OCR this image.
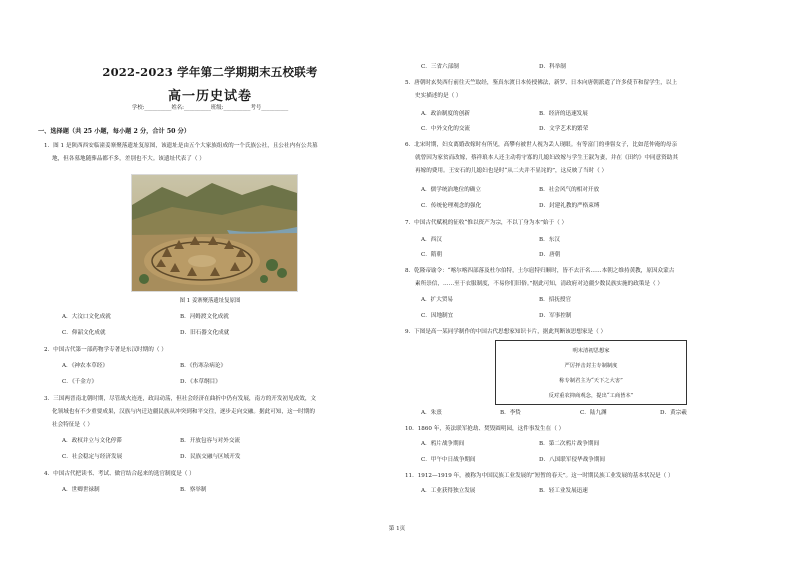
2022-2023 学年第二学期期末五校联考
高一历史试卷
学校:__________姓名:__________班级:__________考号__________
一、选择题（共 25 小题，每小题 2 分，合计 50 分）
1．图 1 是陕西西安临潼姜寨聚落遗址复原图，该遗址是由五个大家族组成的一个氏族公社，且公社内有公共墓
地，但各墓地随葬品都不多，差别也不大。该遗址代表了（ ）
图 1 姜寨聚落遗址复原图
A．大汶口文化成就	B．河姆渡文化成就
C．仰韶文化成就	D．旧石器文化成就
2．中国古代第一部药物学专著是东汉时期的（ ）
A．《神农本草经》	B．《伤寒杂病论》
C．《千金方》	D．《本草纲目》
3．三国两晋南北朝时期，尽管战火连连，政局动荡，但社会经济在曲折中仍有发展，南方的开发初见成效，文
化领域也有不少重要成果，汉族与内迁边疆民族从冲突到和平交往，逐步走向交融。据此可知，这一时期的
社会特征是（ ）
A．政权并立与文化停滞	B．开放包容与对外交流
C．社会稳定与经济发展	D．民族交融与区域开发
4．中国古代把读书、考试、做官结合起来的选官制度是（ ）
A．世卿世禄制	B．察举制
C．三省六部制	D．科举制
5．唐朝时玄奘西行前往天竺取经，鉴真东渡日本传授佛法，新罗、日本向唐朝派遣了许多使节和留学生，以上
史实描述的是（ ）
A．政治制度的创新	B．经济的迅速发展
C．中外文化的交流	D．文学艺术的繁荣
6．北宋时期，妇女离婚改嫁时有所见，高攀有被世人视为丢人现眼。有等富门的垂髫女子，比如范仲淹的母亲
就曾因为家贫而改嫁，蔡祥琅本人还主动将守寡的儿媳妇改嫁与学生王淑为妻，并在《田约》中同意资助其
再嫁的费用。王安石的儿媳妇也是时“从二夫并不显诧的”，这反映了当时（ ）
A．儒学统治地位的确立	B．社会风气的相对开放
C．传统伦理观念的强化	D．封建礼教的严格束缚
7．中国古代赋税的征收“惟以资产为宗，不以丁身为本”始于（ ）
A．西汉	B．东汉
C．隋朝	D．唐朝
8．乾隆帝谕令：“喀尔喀四部落及杜尔伯特，土尔扈特归顺时，皆不去汗名……本朝之维持黄教，原因众蒙古
素所崇信，……至于衣服制度，不易你们旧俗。”据此可知，清政府对边疆少数民族实施的政策是（ ）
A．扩大贸易	B．招抚授官
C．因地制宜	D．军事控制
9．下图是高一某同学制作的中国古代思想家知识卡片，据此判断该思想家是（ ）
明末清初思想家
严厉抨击封主专制制度
称专制君主为“天下之大害”
反对重农抑商观念，提出“工商皆本”
A．朱熹	B．李贽	C．陆九渊	D．黄宗羲
10．1860 年，英法联军抢劫、焚毁圆明园，这件事发生在（ ）
A．鸦片战争期间	B．第二次鸦片战争期间
C．甲午中日战争期间	D．八国联军侵华战争期间
11．1912—1919 年，被称为中国民族工业发展的“短暂的春天”。这一时期民族工业发展的基本状况是（ ）
A．工业获得独立发展	B．轻工业发展迅速
第 1页
